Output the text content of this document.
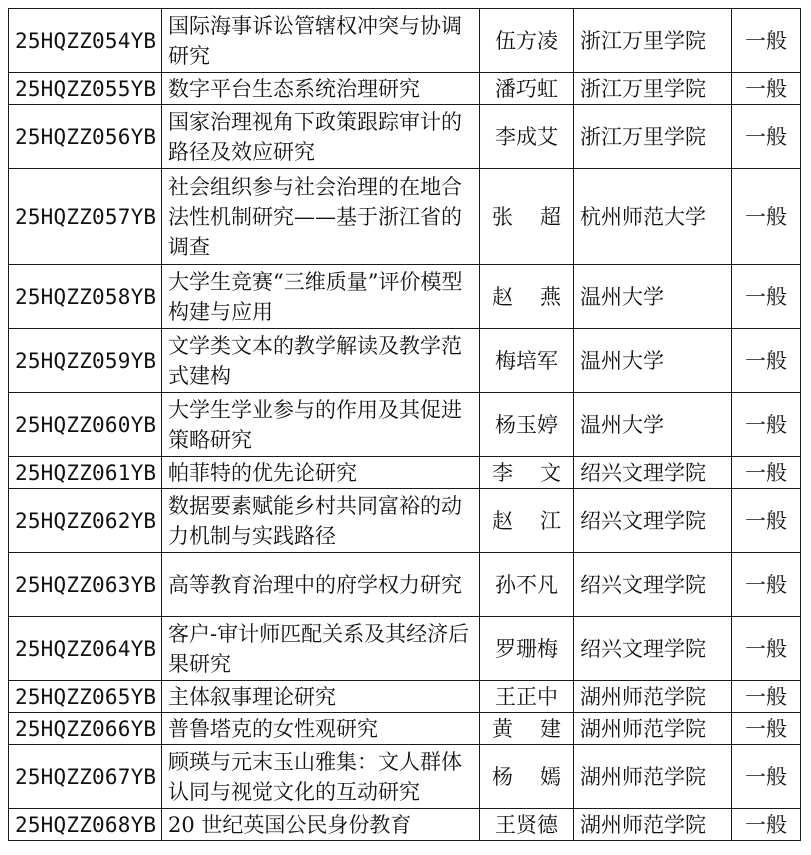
25HQZZ054YB	国际海事诉讼管辖权冲突与协调研究	伍方凌	浙江万里学院	一般
25HQZZ055YB	数字平台生态系统治理研究	潘巧虹	浙江万里学院	一般
25HQZZ056YB	国家治理视角下政策跟踪审计的路径及效应研究	李成艾	浙江万里学院	一般
25HQZZ057YB	社会组织参与社会治理的在地合法性机制研究——基于浙江省的调查	张超	杭州师范大学	一般
25HQZZ058YB	大学生竞赛“三维质量”评价模型构建与应用	赵燕	温州大学	一般
25HQZZ059YB	文学类文本的教学解读及教学范式建构	梅培军	温州大学	一般
25HQZZ060YB	大学生学业参与的作用及其促进策略研究	杨玉婷	温州大学	一般
25HQZZ061YB	帕菲特的优先论研究	李文	绍兴文理学院	一般
25HQZZ062YB	数据要素赋能乡村共同富裕的动力机制与实践路径	赵江	绍兴文理学院	一般
25HQZZ063YB	高等教育治理中的府学权力研究	孙不凡	绍兴文理学院	一般
25HQZZ064YB	客户-审计师匹配关系及其经济后果研究	罗珊梅	绍兴文理学院	一般
25HQZZ065YB	主体叙事理论研究	王正中	湖州师范学院	一般
25HQZZ066YB	普鲁塔克的女性观研究	黄建	湖州师范学院	一般
25HQZZ067YB	顾瑛与元末玉山雅集：文人群体认同与视觉文化的互动研究	杨嫣	湖州师范学院	一般
25HQZZ068YB	20 世纪英国公民身份教育	王贤德	湖州师范学院	一般
